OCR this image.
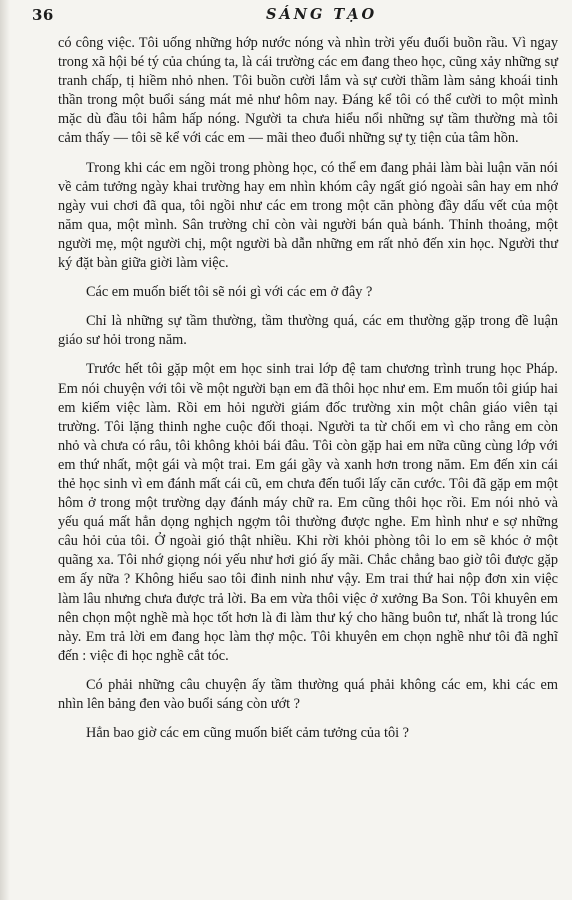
36	SÁNG TẠO

có công việc. Tôi uống những hớp nước nóng và nhìn trời yếu đuối buồn rầu. Vì ngay trong xã hội bé tý của chúng ta, là cái trường các em đang theo học, cũng xảy những sự tranh chấp, tị hiềm nhỏ nhen. Tôi buồn cười lắm và sự cười thầm làm sảng khoái tinh thần trong một buổi sáng mát mẻ như hôm nay. Đáng kể tôi có thể cười to một mình mặc dù đầu tôi hâm hấp nóng. Người ta chưa hiểu nổi những sự tầm thường mà tôi cảm thấy — tôi sẽ kể với các em — mãi theo đuổi những sự tỵ tiện của tâm hồn.

Trong khi các em ngồi trong phòng học, có thể em đang phải làm bài luận văn nói về cảm tưởng ngày khai trường hay em nhìn khóm cây ngất gió ngoài sân hay em nhớ ngày vui chơi đã qua, tôi ngồi như các em trong một căn phòng đầy dấu vết của một năm qua, một mình. Sân trường chỉ còn vài người bán quà bánh. Thỉnh thoảng, một người mẹ, một người chị, một người bà dẫn những em rất nhỏ đến xin học. Người thư ký đặt bàn giữa giời làm việc.

Các em muốn biết tôi sẽ nói gì với các em ở đây ?

Chỉ là những sự tầm thường, tầm thường quá, các em thường gặp trong đề luận giáo sư hỏi trong năm.

Trước hết tôi gặp một em học sinh trai lớp đệ tam chương trình trung học Pháp. Em nói chuyện với tôi về một người bạn em đã thôi học như em. Em muốn tôi giúp hai em kiếm việc làm. Rồi em hỏi người giám đốc trường xin một chân giáo viên tại trường. Tôi lặng thinh nghe cuộc đối thoại. Người ta từ chối em vì cho rằng em còn nhỏ và chưa có râu, tôi không khỏi bái đâu. Tôi còn gặp hai em nữa cũng cùng lớp với em thứ nhất, một gái và một trai. Em gái gầy và xanh hơn trong năm. Em đến xin cái thẻ học sinh vì em đánh mất cái cũ, em chưa đến tuổi lấy căn cước. Tôi đã gặp em một hôm ở trong một trường dạy đánh máy chữ ra. Em cũng thôi học rồi. Em nói nhỏ và yếu quá mất hẳn dọng nghịch ngợm tôi thường được nghe. Em hình như e sợ những câu hỏi của tôi. Ở ngoài gió thật nhiều. Khi rời khỏi phòng tôi lo em sẽ khóc ở một quãng xa. Tôi nhớ giọng nói yếu như hơi gió ấy mãi. Chắc chẳng bao giờ tôi được gặp em ấy nữa ? Không hiểu sao tôi đinh ninh như vậy. Em trai thứ hai nộp đơn xin việc làm lâu nhưng chưa được trả lời. Ba em vừa thôi việc ở xưởng Ba Son. Tôi khuyên em nên chọn một nghề mà học tốt hơn là đi làm thư ký cho hãng buôn tư, nhất là trong lúc này. Em trả lời em đang học làm thợ mộc. Tôi khuyên em chọn nghề như tôi đã nghĩ đến : việc đi học nghề cắt tóc.

Có phải những câu chuyện ấy tầm thường quá phải không các em, khi các em nhìn lên bảng đen vào buổi sáng còn ướt ?

Hẳn bao giờ các em cũng muốn biết cảm tưởng của tôi ?
